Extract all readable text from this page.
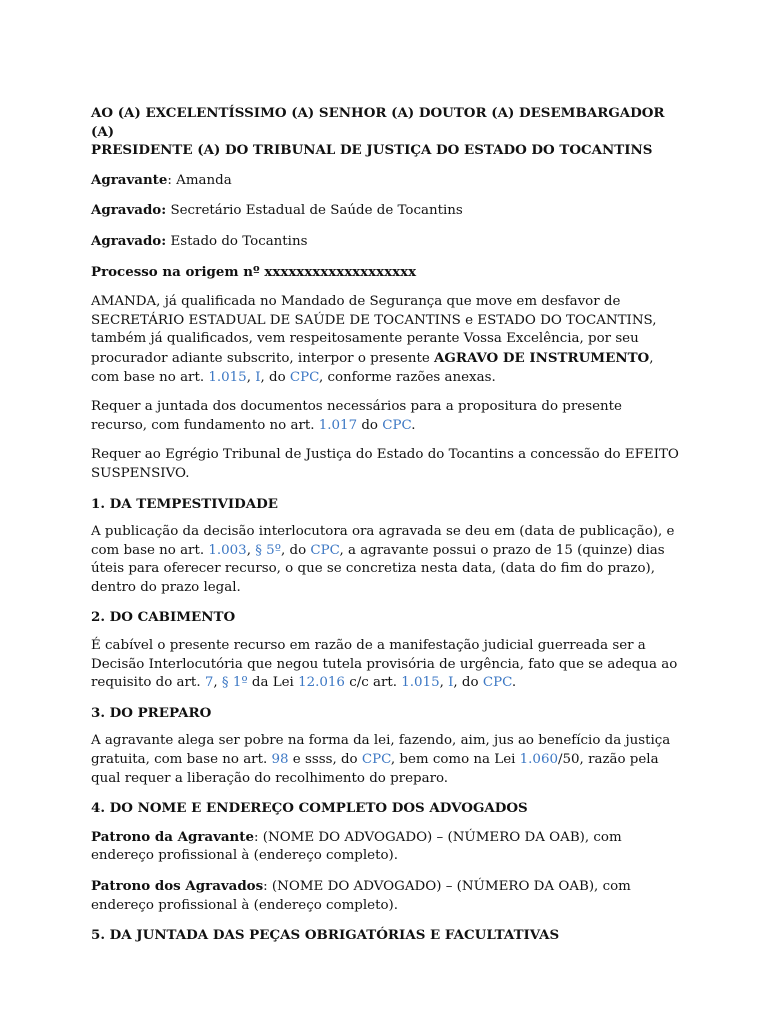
AO (A) EXCELENTÍSSIMO (A) SENHOR (A) DOUTOR (A) DESEMBARGADOR (A)
PRESIDENTE (A) DO TRIBUNAL DE JUSTIÇA DO ESTADO DO TOCANTINS

Agravante: Amanda

Agravado: Secretário Estadual de Saúde de Tocantins

Agravado: Estado do Tocantins

Processo na origem nº xxxxxxxxxxxxxxxxxxx

AMANDA, já qualificada no Mandado de Segurança que move em desfavor de SECRETÁRIO ESTADUAL DE SAÚDE DE TOCANTINS e ESTADO DO TOCANTINS, também já qualificados, vem respeitosamente perante Vossa Excelência, por seu procurador adiante subscrito, interpor o presente AGRAVO DE INSTRUMENTO, com base no art. 1.015, I, do CPC, conforme razões anexas.

Requer a juntada dos documentos necessários para a propositura do presente recurso, com fundamento no art. 1.017 do CPC.

Requer ao Egrégio Tribunal de Justiça do Estado do Tocantins a concessão do EFEITO SUSPENSIVO.

1. DA TEMPESTIVIDADE

A publicação da decisão interlocutora ora agravada se deu em (data de publicação), e com base no art. 1.003, § 5º, do CPC, a agravante possui o prazo de 15 (quinze) dias úteis para oferecer recurso, o que se concretiza nesta data, (data do fim do prazo), dentro do prazo legal.

2. DO CABIMENTO

É cabível o presente recurso em razão de a manifestação judicial guerreada ser a Decisão Interlocutória que negou tutela provisória de urgência, fato que se adequa ao requisito do art. 7, § 1º da Lei 12.016 c/c art. 1.015, I, do CPC.

3. DO PREPARO

A agravante alega ser pobre na forma da lei, fazendo, aim, jus ao benefício da justiça gratuita, com base no art. 98 e ssss, do CPC, bem como na Lei 1.060/50, razão pela qual requer a liberação do recolhimento do preparo.

4. DO NOME E ENDEREÇO COMPLETO DOS ADVOGADOS

Patrono da Agravante: (NOME DO ADVOGADO) – (NÚMERO DA OAB), com endereço profissional à (endereço completo).

Patrono dos Agravados: (NOME DO ADVOGADO) – (NÚMERO DA OAB), com endereço profissional à (endereço completo).

5. DA JUNTADA DAS PEÇAS OBRIGATÓRIAS E FACULTATIVAS
